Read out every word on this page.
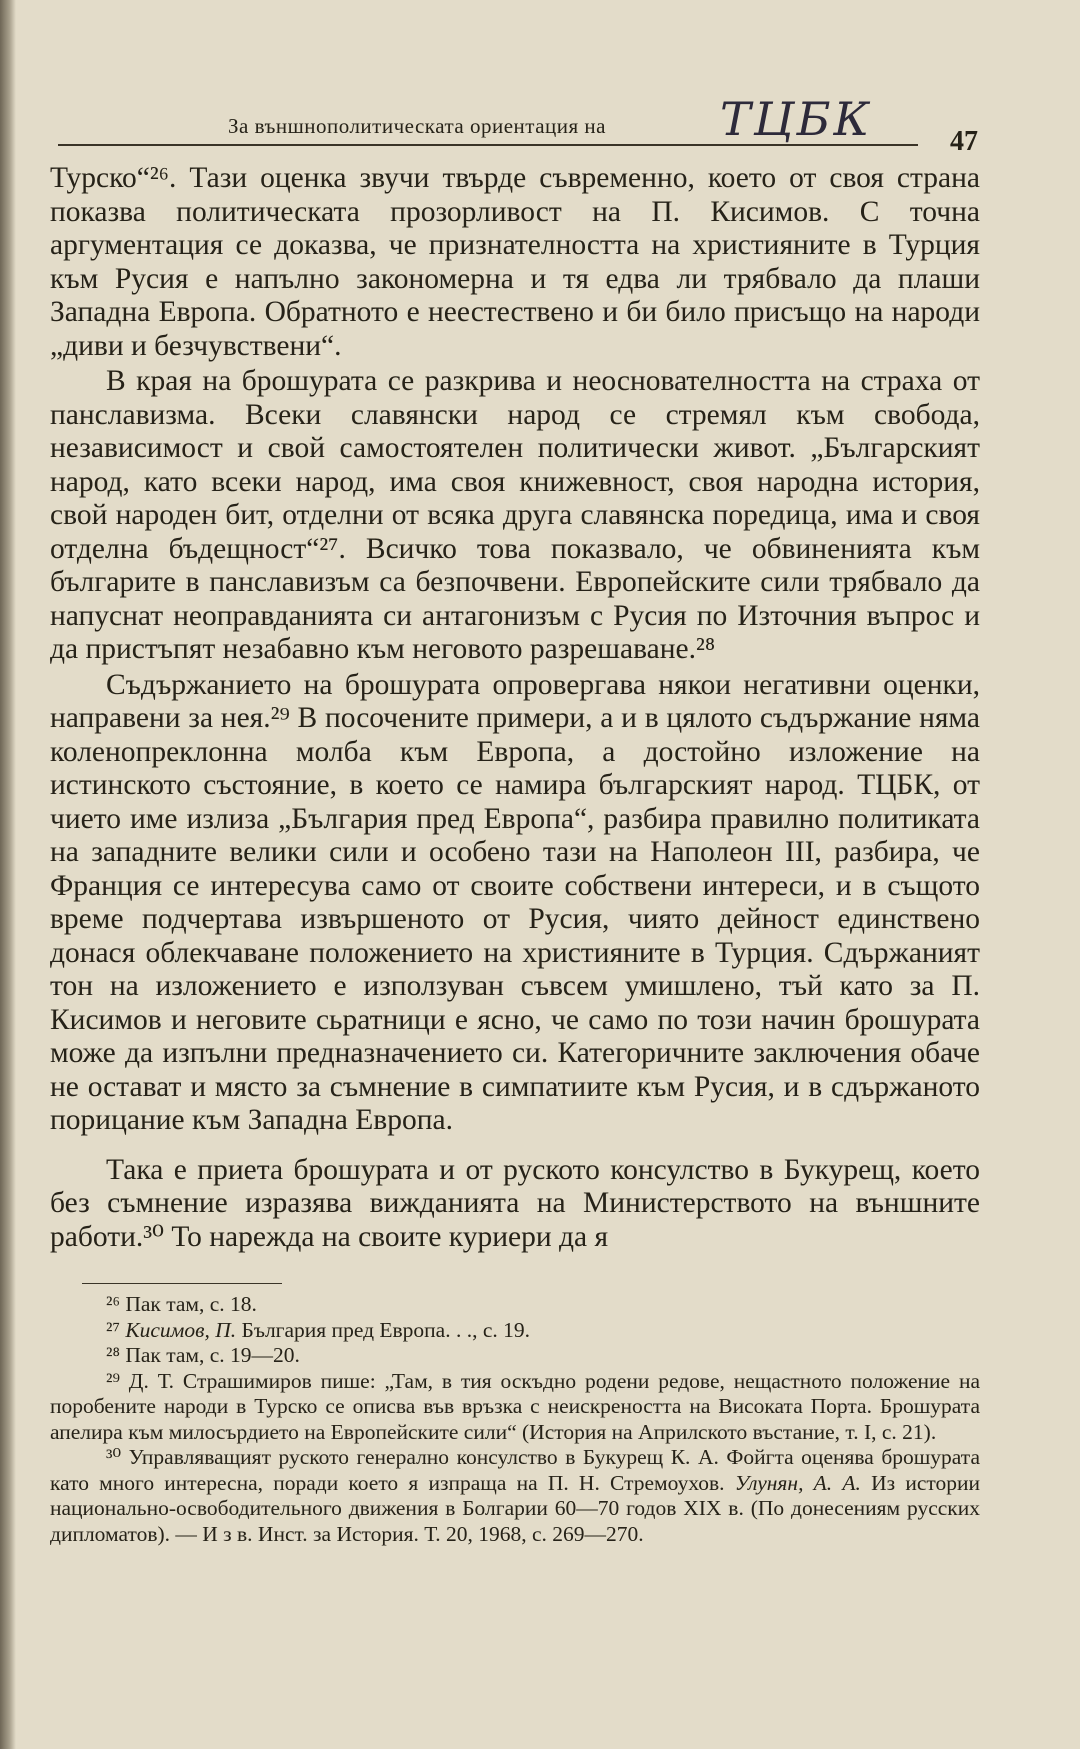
За външнополитическата ориентация на ТЦБК	47

Турско“²⁶. Тази оценка звучи твърде съвременно, което от своя страна показва политическата прозорливост на П. Кисимов. С точна аргументация се доказва, че признателността на християните в Турция към Русия е напълно закономерна и тя едва ли трябвало да плаши Западна Европа. Обратното е неестествено и би било присъщо на народи „диви и безчувствени“.

В края на брошурата се разкрива и неоснователността на страха от панславизма. Всеки славянски народ се стремял към свобода, независимост и свой самостоятелен политически живот. „Българският народ, като всеки народ, има своя книжевност, своя народна история, свой народен бит, отделни от всяка друга славянска поредица, има и своя отделна бъдещност“²⁷. Всичко това показвало, че обвиненията към българите в панславизъм са безпочвени. Европейските сили трябвало да напуснат неоправданията си антагонизъм с Русия по Източния въпрос и да пристъпят незабавно към неговото разрешаване.²⁸

Съдържанието на брошурата опровергава някои негативни оценки, направени за нея.²⁹ В посочените примери, а и в цялото съдържание няма коленопреклонна молба към Европа, а достойно изложение на истинското състояние, в което се намира българският народ. ТЦБК, от чието име излиза „България пред Европа“, разбира правилно политиката на западните велики сили и особено тази на Наполеон III, разбира, че Франция се интересува само от своите собствени интереси, и в същото време подчертава извършеното от Русия, чиято дейност единствено донася облекчаване положението на християните в Турция. Сдържаният тон на изложението е използуван съвсем умишлено, тъй като за П. Кисимов и неговите сьратници е ясно, че само по този начин брошурата може да изпълни предназначението си. Категоричните заключения обаче не остават и място за съмнение в симпатиите към Русия, и в сдържаното порицание към Западна Европа.

Така е приета брошурата и от руското консулство в Букурещ, което без съмнение изразява вижданията на Министерството на външните работи.³⁰ То нарежда на своите куриери да я

²⁶ Пак там, с. 18.

²⁷ Кисимов, П. България пред Европа. . ., с. 19.

²⁸ Пак там, с. 19—20.

²⁹ Д. Т. Страшимиров пише: „Там, в тия оскъдно родени редове, нещастното положение на поробените народи в Турско се описва във връзка с неискреността на Високата Порта. Брошурата апелира към милосърдието на Европейските сили“ (История на Априлското въстание, т. I, с. 21).

³⁰ Управляващият руското генерално консулство в Букурещ К. А. Фойгта оценява брошурата като много интересна, поради което я изпраща на П. Н. Стремоухов. Улунян, А. А. Из истории национально-освободительного движения в Болгарии 60—70 годов XIX в. (По донесениям русских дипломатов). — И з в. Инст. за История. Т. 20, 1968, с. 269—270.
